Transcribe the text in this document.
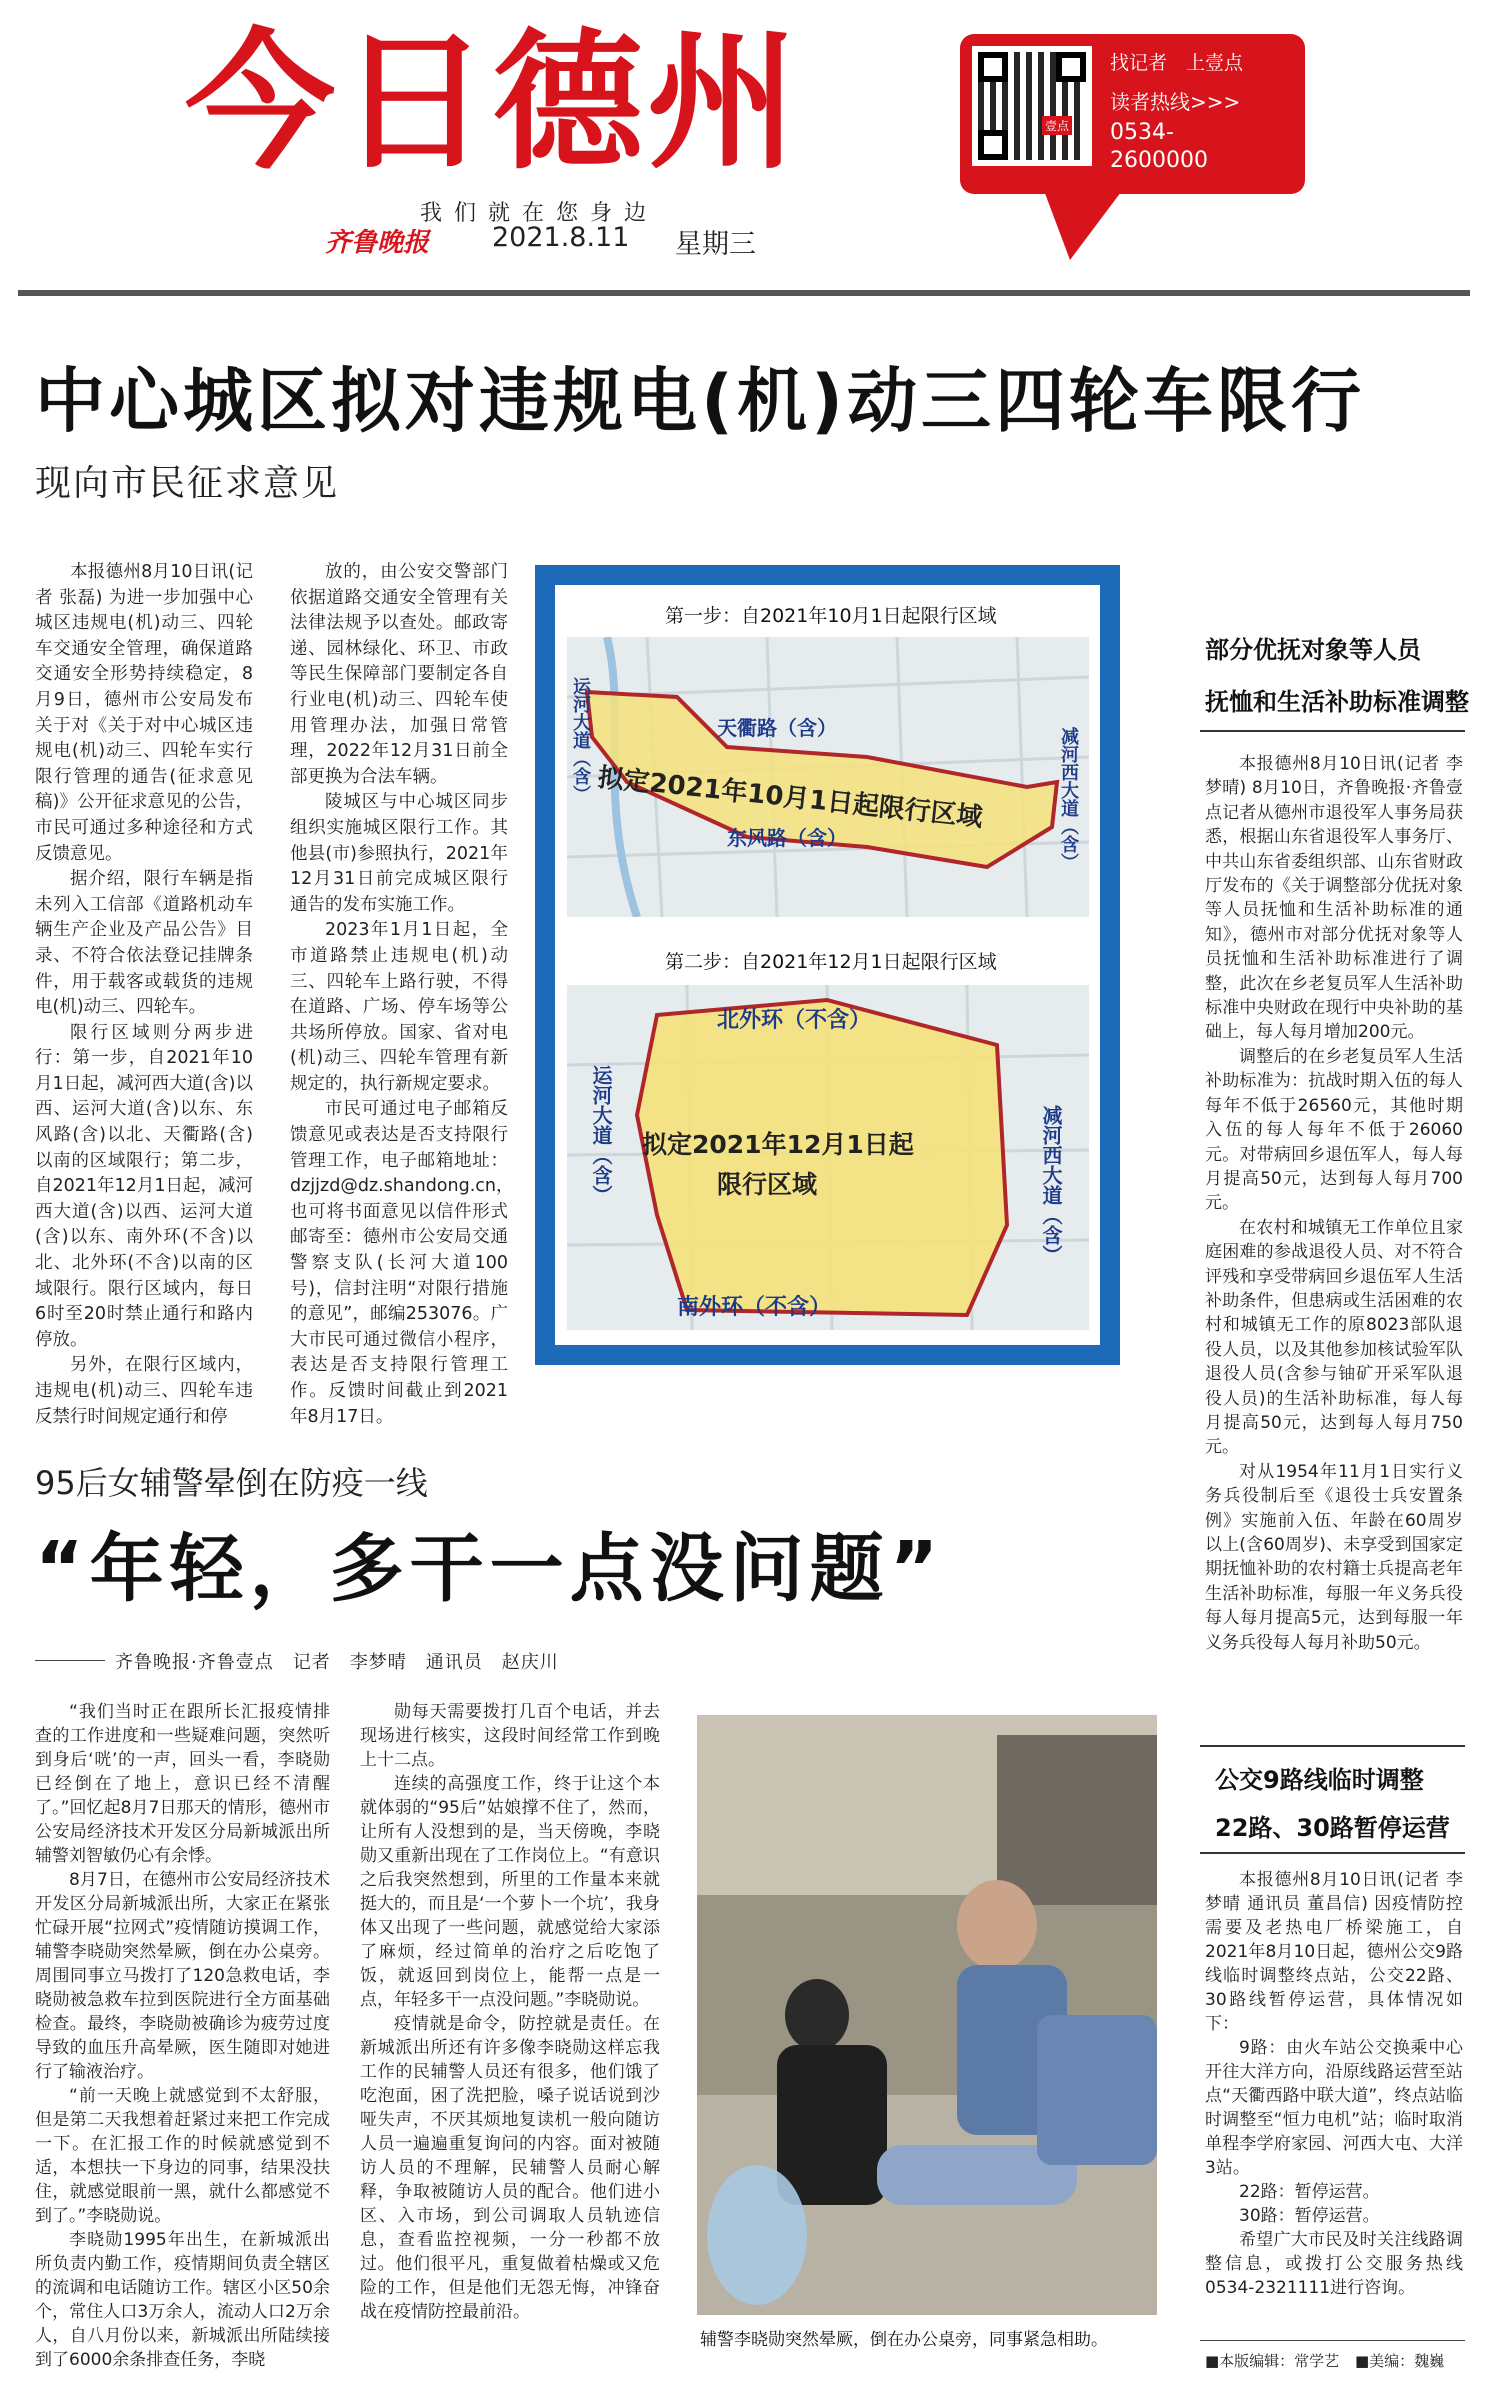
今日德州
我们就在您身边
齐鲁晚报 2021.8.11 星期三
壹点
找记者　上壹点
读者热线>>>
0534-
2600000
中心城区拟对违规电(机)动三四轮车限行
现向市民征求意见

本报德州8月10日讯(记者 张磊) 为进一步加强中心城区违规电(机)动三、四轮车交通安全管理，确保道路交通安全形势持续稳定，8月9日，德州市公安局发布关于对《关于对中心城区违规电(机)动三、四轮车实行限行管理的通告(征求意见稿)》公开征求意见的公告，市民可通过多种途径和方式反馈意见。

据介绍，限行车辆是指未列入工信部《道路机动车辆生产企业及产品公告》目录、不符合依法登记挂牌条件，用于载客或载货的违规电(机)动三、四轮车。

限行区域则分两步进行：第一步，自2021年10月1日起，减河西大道(含)以西、运河大道(含)以东、东风路(含)以北、天衢路(含)以南的区域限行；第二步，自2021年12月1日起，减河西大道(含)以西、运河大道(含)以东、南外环(不含)以北、北外环(不含)以南的区域限行。限行区域内，每日6时至20时禁止通行和路内停放。

另外，在限行区域内，违规电(机)动三、四轮车违反禁行时间规定通行和停

放的，由公安交警部门依据道路交通安全管理有关法律法规予以查处。邮政寄递、园林绿化、环卫、市政等民生保障部门要制定各自行业电(机)动三、四轮车使用管理办法，加强日常管理，2022年12月31日前全部更换为合法车辆。

陵城区与中心城区同步组织实施城区限行工作。其他县(市)参照执行，2021年12月31日前完成城区限行通告的发布实施工作。

2023年1月1日起，全市道路禁止违规电(机)动三、四轮车上路行驶，不得在道路、广场、停车场等公共场所停放。国家、省对电(机)动三、四轮车管理有新规定的，执行新规定要求。

市民可通过电子邮箱反馈意见或表达是否支持限行管理工作，电子邮箱地址：dzjjzd@dz.shandong.cn，也可将书面意见以信件形式邮寄至：德州市公安局交通警察支队(长河大道100号)，信封注明“对限行措施的意见”，邮编253076。广大市民可通过微信小程序，表达是否支持限行管理工作。反馈时间截止到2021年8月17日。

第一步：自2021年10月1日起限行区域
拟定2021年10月1日起限行区域
天衢路（含）
东风路（含）
运河大道（含）	减河西大道（含）
第二步：自2021年12月1日起限行区域
拟定2021年12月1日起
限行区域
北外环（不含）
南外环（不含）
运河大道（含）	减河西大道（含）
部分优抚对象等人员
抚恤和生活补助标准调整

本报德州8月10日讯(记者 李梦晴) 8月10日，齐鲁晚报·齐鲁壹点记者从德州市退役军人事务局获悉，根据山东省退役军人事务厅、中共山东省委组织部、山东省财政厅发布的《关于调整部分优抚对象等人员抚恤和生活补助标准的通知》，德州市对部分优抚对象等人员抚恤和生活补助标准进行了调整，此次在乡老复员军人生活补助标准中央财政在现行中央补助的基础上，每人每月增加200元。

调整后的在乡老复员军人生活补助标准为：抗战时期入伍的每人每年不低于26560元，其他时期入伍的每人每年不低于26060元。对带病回乡退伍军人，每人每月提高50元，达到每人每月700元。

在农村和城镇无工作单位且家庭困难的参战退役人员、对不符合评残和享受带病回乡退伍军人生活补助条件，但患病或生活困难的农村和城镇无工作的原8023部队退役人员，以及其他参加核试验军队退役人员(含参与铀矿开采军队退役人员)的生活补助标准，每人每月提高50元，达到每人每月750元。

对从1954年11月1日实行义务兵役制后至《退役士兵安置条例》实施前入伍、年龄在60周岁以上(含60周岁)、未享受到国家定期抚恤补助的农村籍士兵提高老年生活补助标准，每服一年义务兵役每人每月提高5元，达到每服一年义务兵役每人每月补助50元。

95后女辅警晕倒在防疫一线
“年轻，多干一点没问题”
齐鲁晚报·齐鲁壹点　记者　李梦晴　通讯员　赵庆川

“我们当时正在跟所长汇报疫情排查的工作进度和一些疑难问题，突然听到身后‘咣’的一声，回头一看，李晓勋已经倒在了地上，意识已经不清醒了。”回忆起8月7日那天的情形，德州市公安局经济技术开发区分局新城派出所辅警刘智敏仍心有余悸。

8月7日，在德州市公安局经济技术开发区分局新城派出所，大家正在紧张忙碌开展“拉网式”疫情随访摸调工作，辅警李晓勋突然晕厥，倒在办公桌旁。周围同事立马拨打了120急救电话，李晓勋被急救车拉到医院进行全方面基础检查。最终，李晓勋被确诊为疲劳过度导致的血压升高晕厥，医生随即对她进行了输液治疗。

“前一天晚上就感觉到不太舒服，但是第二天我想着赶紧过来把工作完成一下。在汇报工作的时候就感觉到不适，本想扶一下身边的同事，结果没扶住，就感觉眼前一黑，就什么都感觉不到了。”李晓勋说。

李晓勋1995年出生，在新城派出所负责内勤工作，疫情期间负责全辖区的流调和电话随访工作。辖区小区50余个，常住人口3万余人，流动人口2万余人，自八月份以来，新城派出所陆续接到了6000余条排查任务，李晓

勋每天需要拨打几百个电话，并去现场进行核实，这段时间经常工作到晚上十二点。

连续的高强度工作，终于让这个本就体弱的“95后”姑娘撑不住了，然而，让所有人没想到的是，当天傍晚，李晓勋又重新出现在了工作岗位上。“有意识之后我突然想到，所里的工作量本来就挺大的，而且是‘一个萝卜一个坑’，我身体又出现了一些问题，就感觉给大家添了麻烦，经过简单的治疗之后吃饱了饭，就返回到岗位上，能帮一点是一点，年轻多干一点没问题。”李晓勋说。

疫情就是命令，防控就是责任。在新城派出所还有许多像李晓勋这样忘我工作的民辅警人员还有很多，他们饿了吃泡面，困了洗把脸，嗓子说话说到沙哑失声，不厌其烦地复读机一般向随访人员一遍遍重复询问的内容。面对被随访人员的不理解，民辅警人员耐心解释，争取被随访人员的配合。他们进小区、入市场，到公司调取人员轨迹信息，查看监控视频，一分一秒都不放过。他们很平凡，重复做着枯燥或又危险的工作，但是他们无怨无悔，冲锋奋战在疫情防控最前沿。

辅警李晓勋突然晕厥，倒在办公桌旁，同事紧急相助。
公交9路线临时调整
22路、30路暂停运营

本报德州8月10日讯(记者 李梦晴 通讯员 董昌信) 因疫情防控需要及老热电厂桥梁施工，自2021年8月10日起，德州公交9路线临时调整终点站，公交22路、30路线暂停运营，具体情况如下：

9路：由火车站公交换乘中心开往大洋方向，沿原线路运营至站点“天衢西路中联大道”，终点站临时调整至“恒力电机”站；临时取消单程李学府家园、河西大屯、大洋3站。

22路：暂停运营。

30路：暂停运营。

希望广大市民及时关注线路调整信息，或拨打公交服务热线0534-2321111进行咨询。

■本版编辑：常学艺 ■美编：魏巍
